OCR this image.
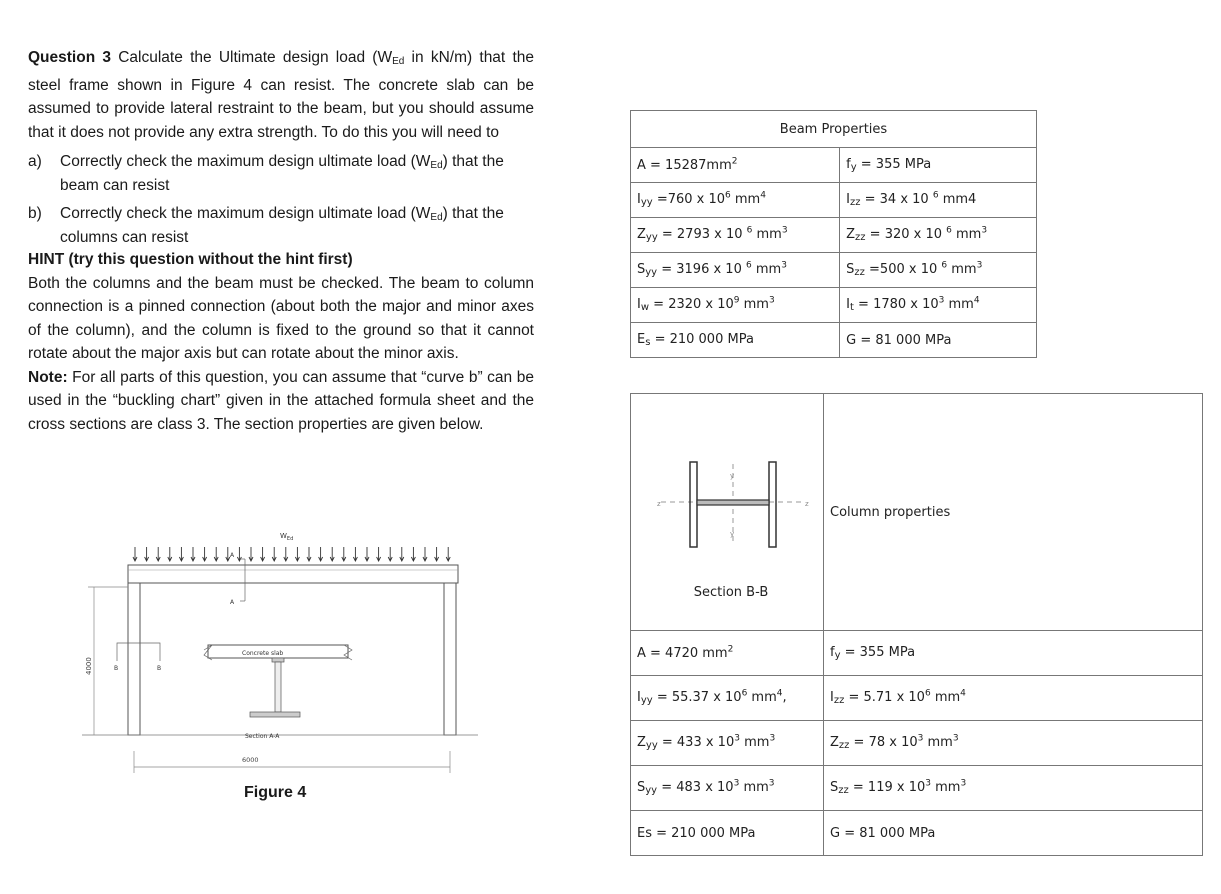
Question 3 Calculate the Ultimate design load ($W_{Ed}$ in kN/m) that the steel frame shown in Figure 4 can resist. The concrete slab can be assumed to provide lateral restraint to the beam, but you should assume that it does not provide any extra strength. To do this you will need to

a)	Correctly check the maximum design ultimate load $(W_{Ed})$ that the beam can resist
b)	Correctly check the maximum design ultimate load $(W_{Ed})$ that the columns can resist

HINT (try this question without the hint first)

Both the columns and the beam must be checked. The beam to column connection is a pinned connection (about both the major and minor axes of the column), and the column is fixed to the ground so that it cannot rotate about the major axis but can rotate about the minor axis.

Note: For all parts of this question, you can assume that “curve b” can be used in the “buckling chart” given in the attached formula sheet and the cross sections are class 3. The section properties are given below.

Beam Properties	
$A = 15287mm^2$	$f_y = 355$ MPa
$I_{yy} =760$ x $10^6$ $mm^4$	$I_{zz} = 34$ x 10 $^6$ mm4
$Z_{yy} = 2793$ x 10 $^6$ $mm^3$	$Z_{zz} = 320$ x 10 $^6$ $mm^3$
$S_{yy} = 3196$ x 10 $^6$ $mm^3$	$S_{zz} =500$ x 10 $^6$ $mm^3$
$I_w = 2320$ x $10^9$ $mm^3$	$I_t = 1780$ x $10^3$ $mm^4$
$E_s = 210$ 000 MPa	G = 81 000 MPa
z z
y
y
Section B-B	Column properties
A = 4720 $mm^2$	$f_y = 355$ MPa
$I_{yy} = 55.37$ x $10^6$ $mm^4$,	$I_{zz} = 5.71$ x $10^6$ $mm^4$
$Z_{yy} = 433$ x $10^3$ $mm^3$	$Z_{zz} = 78$ x $10^3$ $mm^3$
$S_{yy} = 483$ x $10^3$ $mm^3$	$S_{zz} = 119$ x $10^3$ $mm^3$
Es = 210 000 MPa	G = 81 000 MPa
$W_{Ed}$
4000
6000
A
A
B	B
Concrete slab
Section A-A
Figure 4
